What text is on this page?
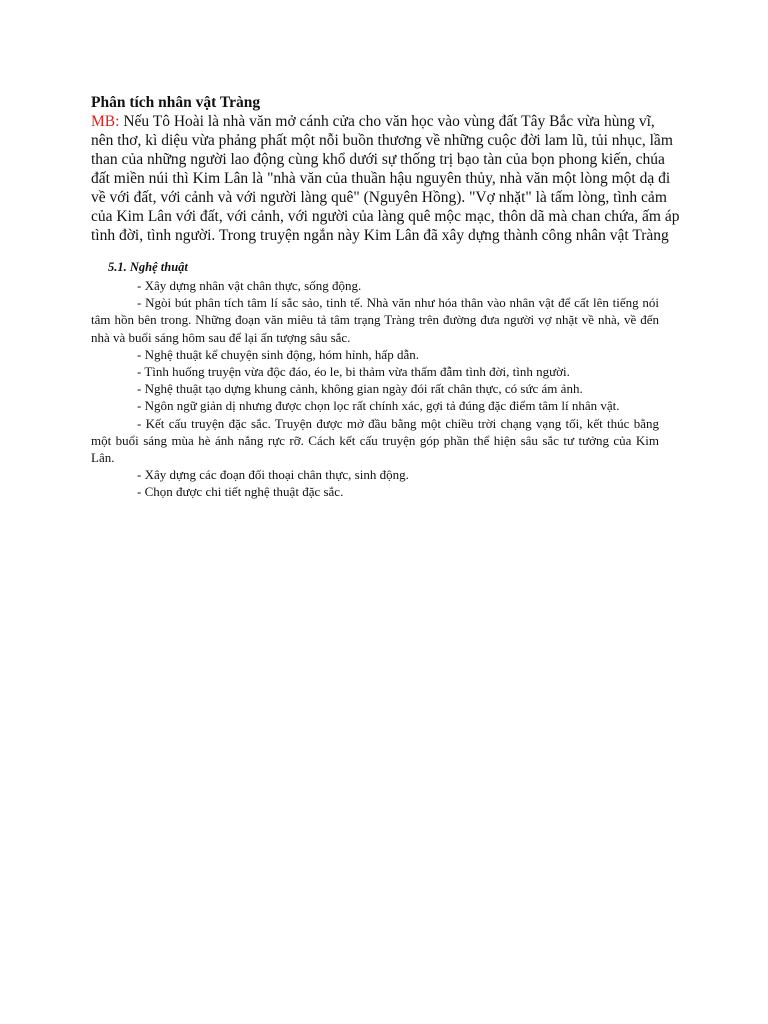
Phân tích nhân vật Tràng

MB: Nếu Tô Hoài là nhà văn mở cánh cửa cho văn học vào vùng đất Tây Bắc vừa hùng vĩ, nên thơ, kì diệu vừa phảng phất một nỗi buồn thương về những cuộc đời lam lũ, tủi nhục, lầm than của những người lao động cùng khổ dưới sự thống trị bạo tàn của bọn phong kiến, chúa đất miền núi thì Kim Lân là "nhà văn của thuần hậu nguyên thủy, nhà văn một lòng một dạ đi về với đất, với cảnh và với người làng quê" (Nguyên Hồng). "Vợ nhặt" là tấm lòng, tình cảm của Kim Lân với đất, với cảnh, với người của làng quê mộc mạc, thôn dã mà chan chứa, ấm áp tình đời, tình người. Trong truyện ngắn này Kim Lân đã xây dựng thành công nhân vật Tràng

5.1. Nghệ thuật
- Xây dựng nhân vật chân thực, sống động.
- Ngòi bút phân tích tâm lí sắc sảo, tinh tế. Nhà văn như hóa thân vào nhân vật để cất lên tiếng nói tâm hồn bên trong. Những đoạn văn miêu tả tâm trạng Tràng trên đường đưa người vợ nhặt về nhà, về đến nhà và buổi sáng hôm sau để lại ấn tượng sâu sắc.
- Nghệ thuật kể chuyện sinh động, hóm hỉnh, hấp dẫn.
- Tình huống truyện vừa độc đáo, éo le, bi thảm vừa thấm đẫm tình đời, tình người.
- Nghệ thuật tạo dựng khung cảnh, không gian ngày đói rất chân thực, có sức ám ảnh.
- Ngôn ngữ giản dị nhưng được chọn lọc rất chính xác, gợi tả đúng đặc điểm tâm lí nhân vật.
- Kết cấu truyện đặc sắc. Truyện được mở đầu bằng một chiều trời chạng vạng tối, kết thúc bằng một buổi sáng mùa hè ánh nắng rực rỡ. Cách kết cấu truyện góp phần thể hiện sâu sắc tư tưởng của Kim Lân.
- Xây dựng các đoạn đối thoại chân thực, sinh động.
- Chọn được chi tiết nghệ thuật đặc sắc.
